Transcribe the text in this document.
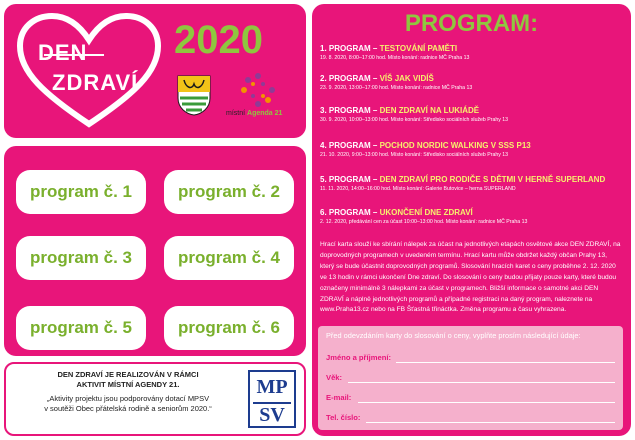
DEN
ZDRAVÍ
2020
místní Agenda 21
program č. 1	program č. 2
program č. 3	program č. 4
program č. 5	program č. 6
DEN ZDRAVÍ JE REALIZOVÁN V RÁMCI
AKTIVIT MÍSTNÍ AGENDY 21.
„Aktivity projektu jsou podporovány dotací MPSV
v soutěži Obec přátelská rodině a seniorům 2020.“
MP
SV
PROGRAM:
1. PROGRAM – TESTOVÁNÍ PAMĚTI
19. 8. 2020, 8:00–17:00 hod. Místo konání: radnice MČ Praha 13
2. PROGRAM – VÍŠ JAK VIDÍŠ
23. 9. 2020, 13:00–17:00 hod. Místo konání: radnice MČ Praha 13
3. PROGRAM – DEN ZDRAVÍ NA LUKIÁDĚ
30. 9. 2020, 10:00–13:00 hod. Místo konání: Středisko sociálních služeb Prahy 13
4. PROGRAM – POCHOD NORDIC WALKING V SSS P13
21. 10. 2020, 9:00–13:00 hod. Místo konání: Středisko sociálních služeb Prahy 13
5. PROGRAM – DEN ZDRAVÍ PRO RODIČE S DĚTMI V HERNĚ SUPERLAND
11. 11. 2020, 14:00–16:00 hod. Místo konání: Galerie Butovice – herna SUPERLAND
6. PROGRAM – UKONČENÍ DNE ZDRAVÍ
2. 12. 2020, předávání cen za účast 10:00–13:00 hod. Místo konání: radnice MČ Praha 13
Hrací karta slouží ke sbírání nálepek za účast na jednotlivých etapách osvětové akce DEN ZDRAVÍ, na doprovodných programech v uvedeném termínu. Hrací kartu může obdržet každý občan Prahy 13, který se bude účastnit doprovodných programů. Slosování hracích karet o ceny proběhne 2. 12. 2020 ve 13 hodin v rámci ukončení Dne zdraví. Do slosování o ceny budou přijaty pouze karty, které budou označeny minimálně 3 nálepkami za účast v programech. Bližší informace o samotné akci DEN ZDRAVÍ a náplně jednotlivých programů a případné registraci na daný program, naleznete na www.Praha13.cz nebo na FB Šťastná třináctka. Změna programu a času vyhrazena.
Před odevzdáním karty do slosování o ceny, vyplňte prosím následující údaje:
Jméno a příjmení:
Věk:
E-mail:
Tel. číslo:
